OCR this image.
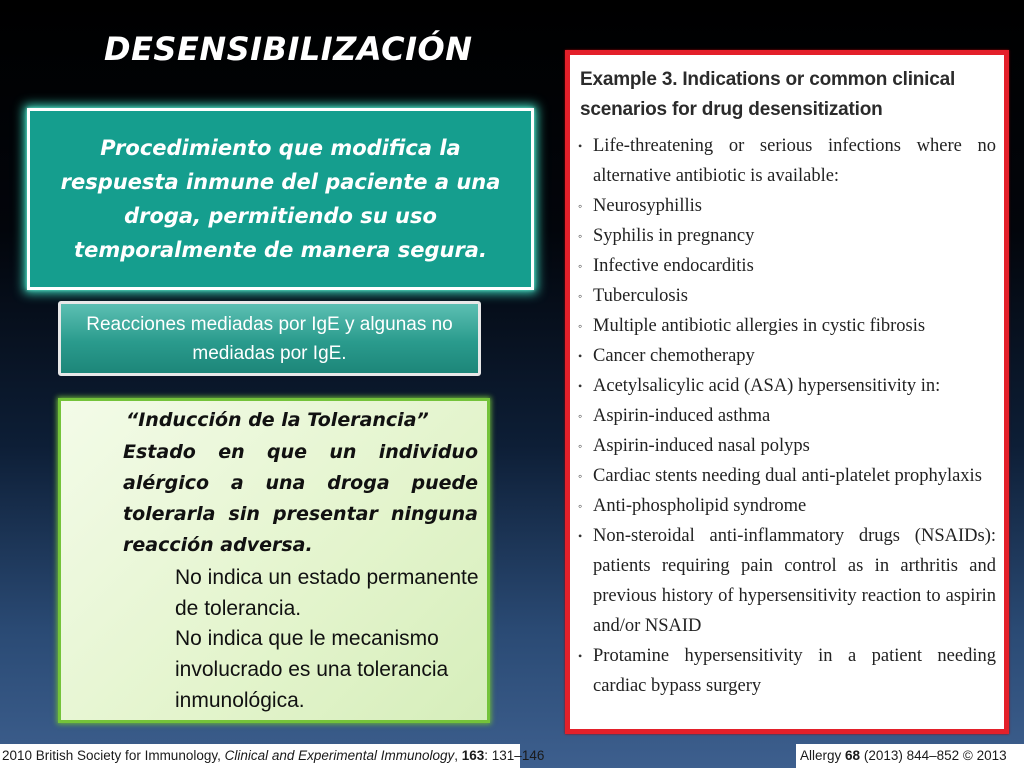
DESENSIBILIZACIÓN
Procedimiento que modifica la respuesta inmune del paciente a una droga, permitiendo su uso temporalmente de manera segura.
Reacciones mediadas por IgE y algunas no mediadas por IgE.
“Inducción de la Tolerancia”
Estado en que un individuo alérgico a una droga puede tolerarla sin presentar ninguna reacción adversa.
No indica un estado permanente de tolerancia.
No indica que le mecanismo involucrado es una tolerancia inmunológica.
Example 3. Indications or common clinical scenarios for drug desensitization
• Life-threatening or serious infections where no alternative antibiotic is available:
◦ Neurosyphillis
◦ Syphilis in pregnancy
◦ Infective endocarditis
◦ Tuberculosis
◦ Multiple antibiotic allergies in cystic fibrosis
• Cancer chemotherapy
• Acetylsalicylic acid (ASA) hypersensitivity in:
◦ Aspirin-induced asthma
◦ Aspirin-induced nasal polyps
◦ Cardiac stents needing dual anti-platelet prophylaxis
◦ Anti-phospholipid syndrome
• Non-steroidal anti-inflammatory drugs (NSAIDs): patients requiring pain control as in arthritis and previous history of hypersensitivity reaction to aspirin and/or NSAID
• Protamine hypersensitivity in a patient needing cardiac bypass surgery
2010 British Society for Immunology, Clinical and Experimental Immunology, 163: 131–146	Allergy 68 (2013) 844–852 © 2013
